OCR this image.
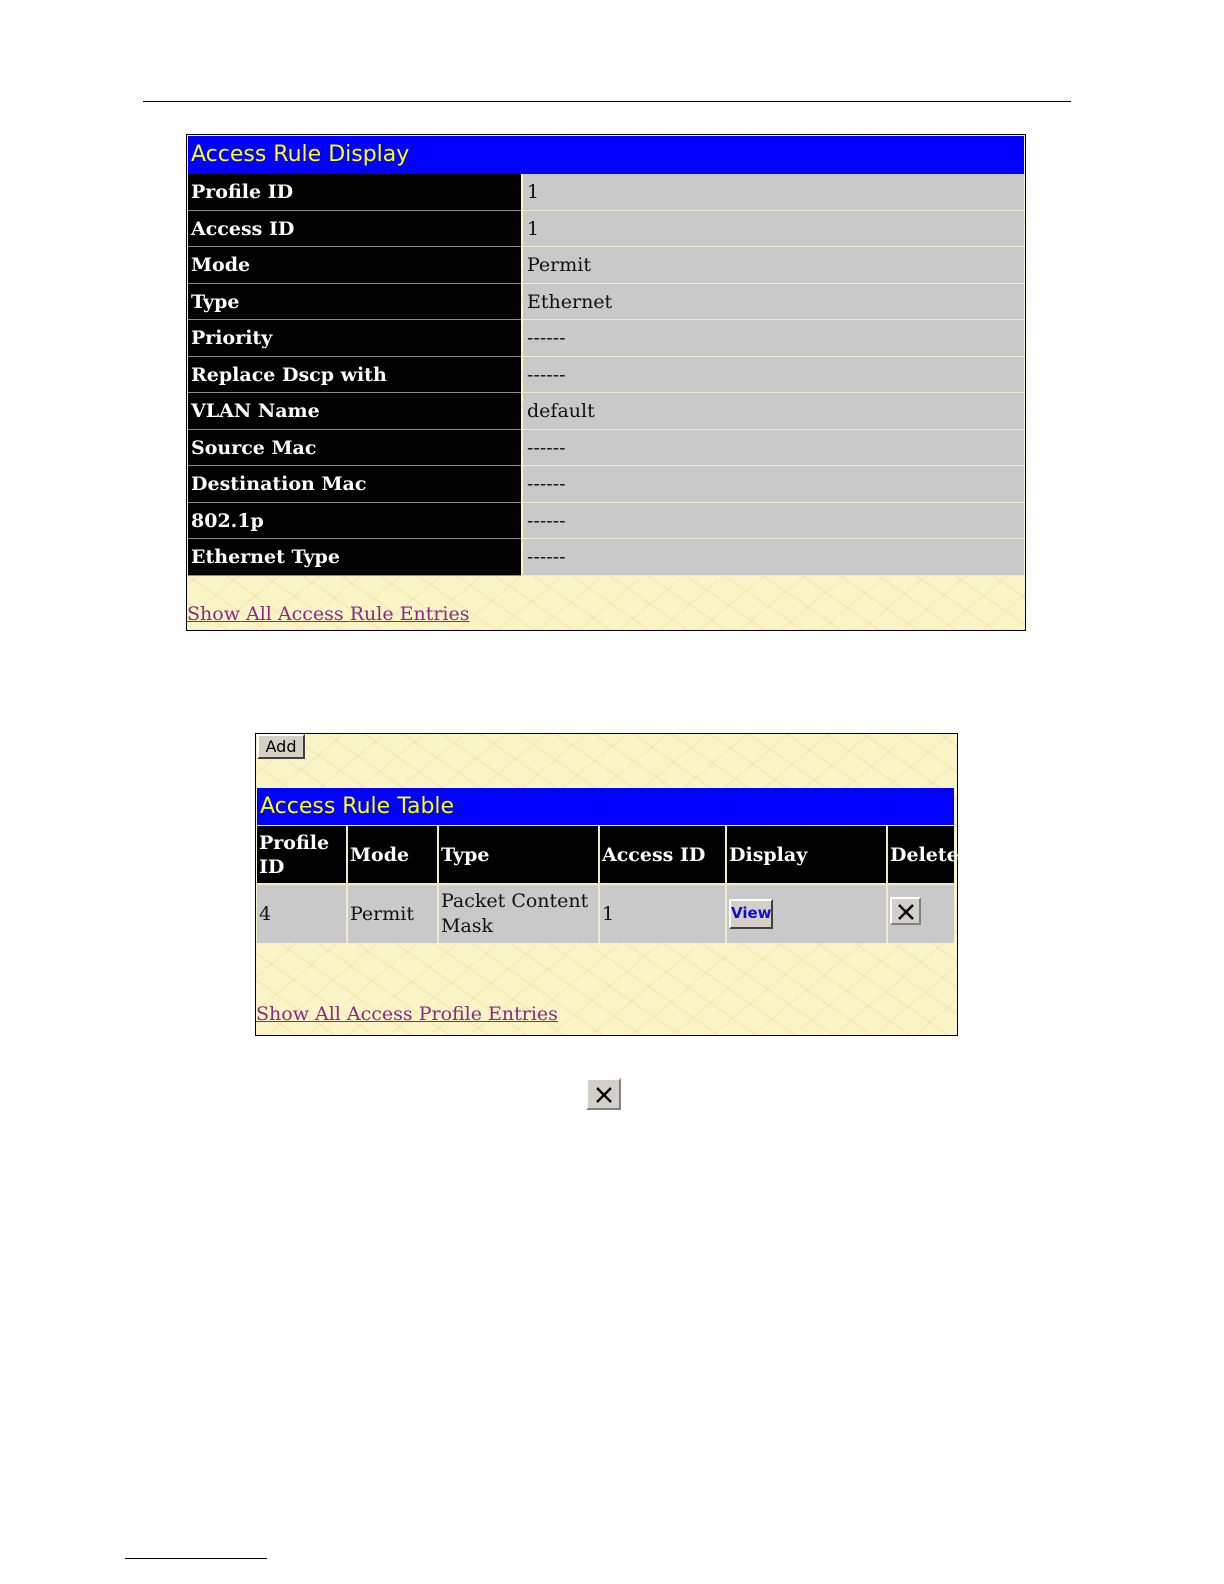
Access Rule Display
Profile ID	1
Access ID	1
Mode	Permit
Type	Ethernet
Priority	------
Replace Dscp with	------
VLAN Name	default
Source Mac	------
Destination Mac	------
802.1p	------
Ethernet Type	------
Show All Access Rule Entries
Add
Access Rule Table
Profile ID	Mode	Type	Access ID	Display	Delete
4	Permit	Packet Content Mask	1	View	
Show All Access Profile Entries
